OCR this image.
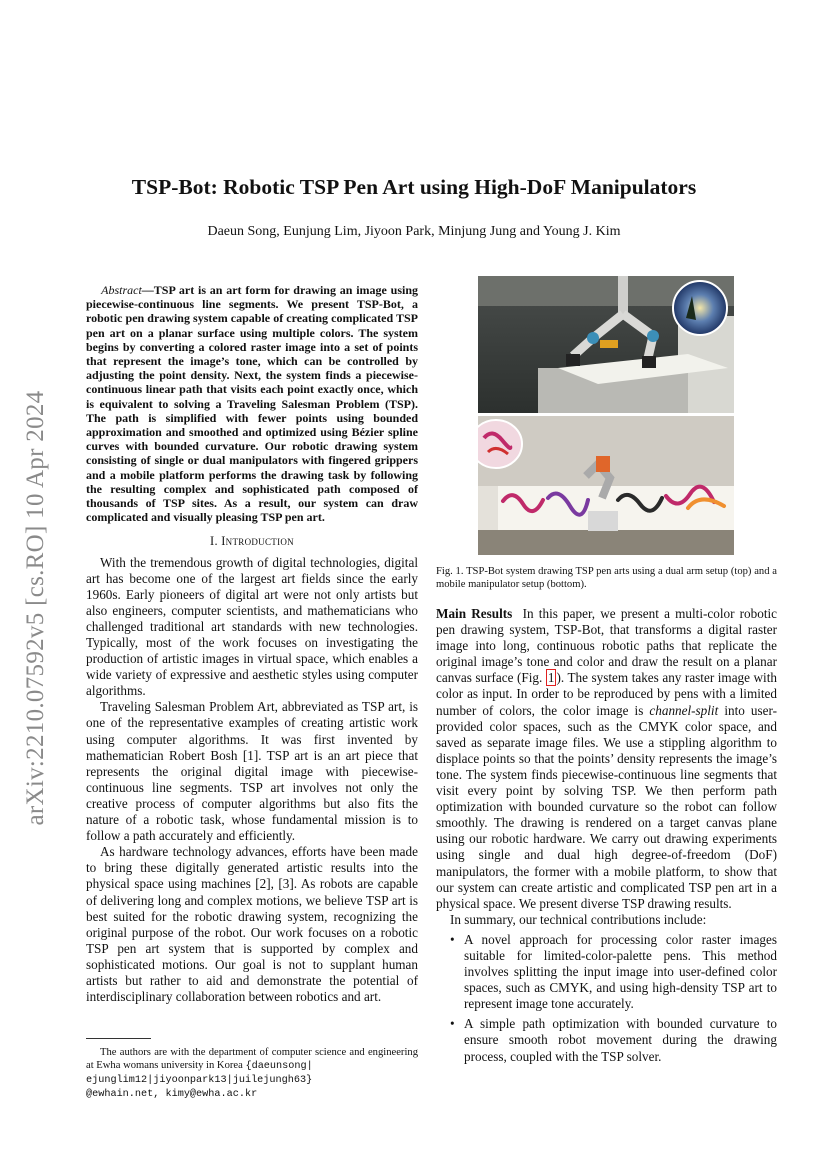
arXiv:2210.07592v5 [cs.RO] 10 Apr 2024
TSP-Bot: Robotic TSP Pen Art using High-DoF Manipulators
Daeun Song, Eunjung Lim, Jiyoon Park, Minjung Jung and Young J. Kim

Abstract—TSP art is an art form for drawing an image using piecewise-continuous line segments. We present TSP-Bot, a robotic pen drawing system capable of creating complicated TSP pen art on a planar surface using multiple colors. The system begins by converting a colored raster image into a set of points that represent the image’s tone, which can be controlled by adjusting the point density. Next, the system finds a piecewise-continuous linear path that visits each point exactly once, which is equivalent to solving a Traveling Salesman Problem (TSP). The path is simplified with fewer points using bounded approximation and smoothed and optimized using Bézier spline curves with bounded curvature. Our robotic drawing system consisting of single or dual manipulators with fingered grippers and a mobile platform performs the drawing task by following the resulting complex and sophisticated path composed of thousands of TSP sites. As a result, our system can draw complicated and visually pleasing TSP pen art.

I. Introduction

With the tremendous growth of digital technologies, digital art has become one of the largest art fields since the early 1960s. Early pioneers of digital art were not only artists but also engineers, computer scientists, and mathematicians who challenged traditional art standards with new technologies. Typically, most of the work focuses on investigating the production of artistic images in virtual space, which enables a wide variety of expressive and aesthetic styles using computer algorithms.

Traveling Salesman Problem Art, abbreviated as TSP art, is one of the representative examples of creating artistic work using computer algorithms. It was first invented by mathematician Robert Bosh [1]. TSP art is an art piece that represents the original digital image with piecewise-continuous line segments. TSP art involves not only the creative process of computer algorithms but also fits the nature of a robotic task, whose fundamental mission is to follow a path accurately and efficiently.

As hardware technology advances, efforts have been made to bring these digitally generated artistic results into the physical space using machines [2], [3]. As robots are capable of delivering long and complex motions, we believe TSP art is best suited for the robotic drawing system, recognizing the original purpose of the robot. Our work focuses on a robotic TSP pen art system that is supported by complex and sophisticated motions. Our goal is not to supplant human artists but rather to aid and demonstrate the potential of interdisciplinary collaboration between robotics and art.

The authors are with the department of computer science and engineering at Ewha womans university in Korea {daeunsong|
ejunglim12|jiyoonpark13|juilejungh63}
@ewhain.net, kimy@ewha.ac.kr

Fig. 1. TSP-Bot system drawing TSP pen arts using a dual arm setup (top) and a mobile manipulator setup (bottom).

Main Results In this paper, we present a multi-color robotic pen drawing system, TSP-Bot, that transforms a digital raster image into long, continuous robotic paths that replicate the original image’s tone and color and draw the result on a planar canvas surface (Fig. 1 ). The system takes any raster image with color as input. In order to be reproduced by pens with a limited number of colors, the color image is channel-split into user-provided color spaces, such as the CMYK color space, and saved as separate image files. We use a stippling algorithm to displace points so that the points’ density represents the image’s tone. The system finds piecewise-continuous line segments that visit every point by solving TSP. We then perform path optimization with bounded curvature so the robot can follow smoothly. The drawing is rendered on a target canvas plane using our robotic hardware. We carry out drawing experiments using single and dual high degree-of-freedom (DoF) manipulators, the former with a mobile platform, to show that our system can create artistic and complicated TSP pen art in a physical space. We present diverse TSP drawing results.

In summary, our technical contributions include:

• A novel approach for processing color raster images suitable for limited-color-palette pens. This method involves splitting the input image into user-defined color spaces, such as CMYK, and using high-density TSP art to represent image tone accurately.
• A simple path optimization with bounded curvature to ensure smooth robot movement during the drawing process, coupled with the TSP solver.
